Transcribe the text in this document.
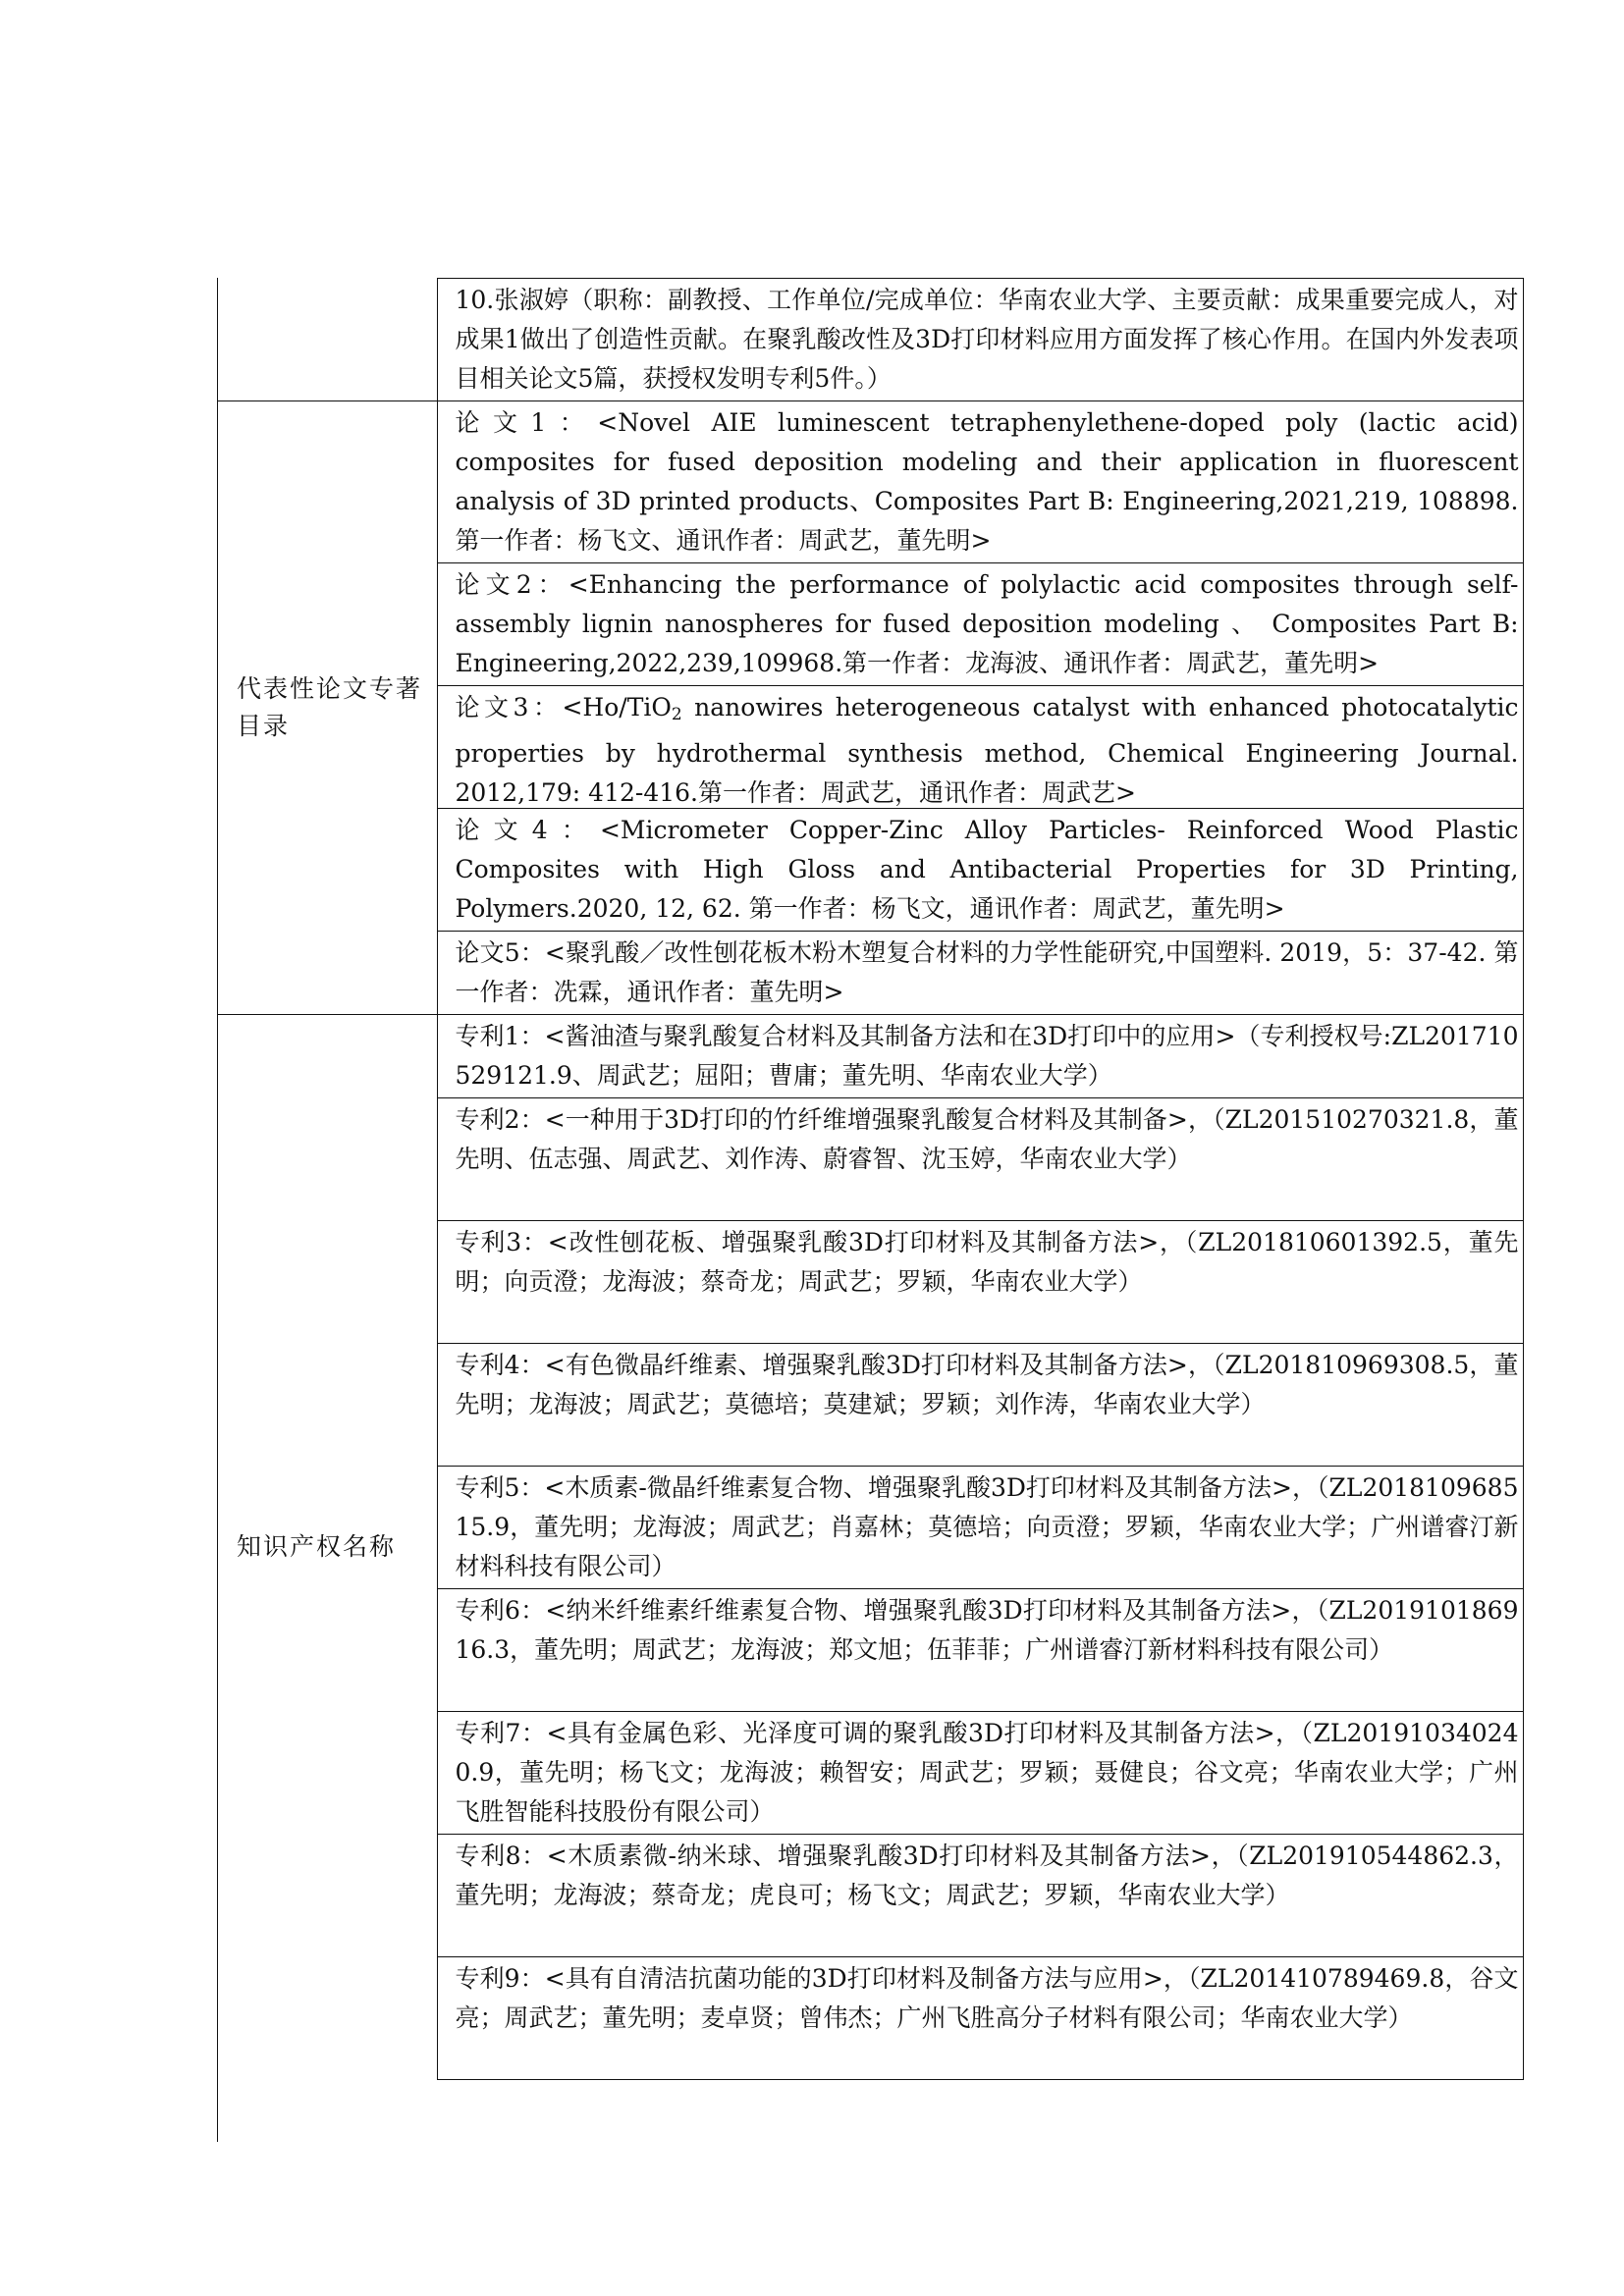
	10.张淑婷（职称：副教授、工作单位/完成单位：华南农业大学、主要贡献：成果重要完成人，对成果1做出了创造性贡献。在聚乳酸改性及3D打印材料应用方面发挥了核心作用。在国内外发表项目相关论文5篇，获授权发明专利5件。）

代表性论文专著目录	论文1：<Novel AIE luminescent tetraphenylethene-doped poly (lactic acid) composites for fused deposition modeling and their application in fluorescent analysis of 3D printed products、Composites Part B: Engineering,2021,219, 108898.第一作者：杨飞文、通讯作者：周武艺，董先明>

	论文2：<Enhancing the performance of polylactic acid composites through self-assembly lignin nanospheres for fused deposition modeling 、 Composites Part B: Engineering,2022,239,109968.第一作者：龙海波、通讯作者：周武艺，董先明>

	论文3：<Ho/TiO$_2$ nanowires heterogeneous catalyst with enhanced photocatalytic properties by hydrothermal synthesis method, Chemical Engineering Journal. 2012,179: 412-416.第一作者：周武艺，通讯作者：周武艺>

	论文4：<Micrometer Copper-Zinc Alloy Particles- Reinforced Wood Plastic Composites with High Gloss and Antibacterial Properties for 3D Printing, Polymers.2020, 12, 62. 第一作者：杨飞文，通讯作者：周武艺，董先明>

	论文5：<聚乳酸／改性刨花板木粉木塑复合材料的力学性能研究,中国塑料. 2019，5：37-42. 第一作者：冼霖，通讯作者：董先明>

知识产权名称	专利1：<酱油渣与聚乳酸复合材料及其制备方法和在3D打印中的应用>（专利授权号:ZL201710529121.9、周武艺；屈阳；曹庸；董先明、华南农业大学）

	专利2：<一种用于3D打印的竹纤维增强聚乳酸复合材料及其制备>，（ZL201510270321.8，董先明、伍志强、周武艺、刘作涛、蔚睿智、沈玉婷，华南农业大学）

	专利3：<改性刨花板、增强聚乳酸3D打印材料及其制备方法>，（ZL201810601392.5，董先明；向贡澄；龙海波；蔡奇龙；周武艺；罗颖，华南农业大学）

	专利4：<有色微晶纤维素、增强聚乳酸3D打印材料及其制备方法>，（ZL201810969308.5，董先明；龙海波；周武艺；莫德培；莫建斌；罗颖；刘作涛，华南农业大学）

	专利5：<木质素-微晶纤维素复合物、增强聚乳酸3D打印材料及其制备方法>，（ZL201810968515.9，董先明；龙海波；周武艺；肖嘉林；莫德培；向贡澄；罗颖，华南农业大学；广州谱睿汀新材料科技有限公司）

	专利6：<纳米纤维素纤维素复合物、增强聚乳酸3D打印材料及其制备方法>，（ZL201910186916.3，董先明；周武艺；龙海波；郑文旭；伍菲菲；广州谱睿汀新材料科技有限公司）

	专利7：<具有金属色彩、光泽度可调的聚乳酸3D打印材料及其制备方法>，（ZL201910340240.9，董先明；杨飞文；龙海波；赖智安；周武艺；罗颖；聂健良；谷文亮；华南农业大学；广州飞胜智能科技股份有限公司）

	专利8：<木质素微-纳米球、增强聚乳酸3D打印材料及其制备方法>，（ZL201910544862.3，董先明；龙海波；蔡奇龙；虎良可；杨飞文；周武艺；罗颖，华南农业大学）

	专利9：<具有自清洁抗菌功能的3D打印材料及制备方法与应用>，（ZL201410789469.8，谷文亮；周武艺；董先明；麦卓贤；曾伟杰；广州飞胜高分子材料有限公司；华南农业大学）
